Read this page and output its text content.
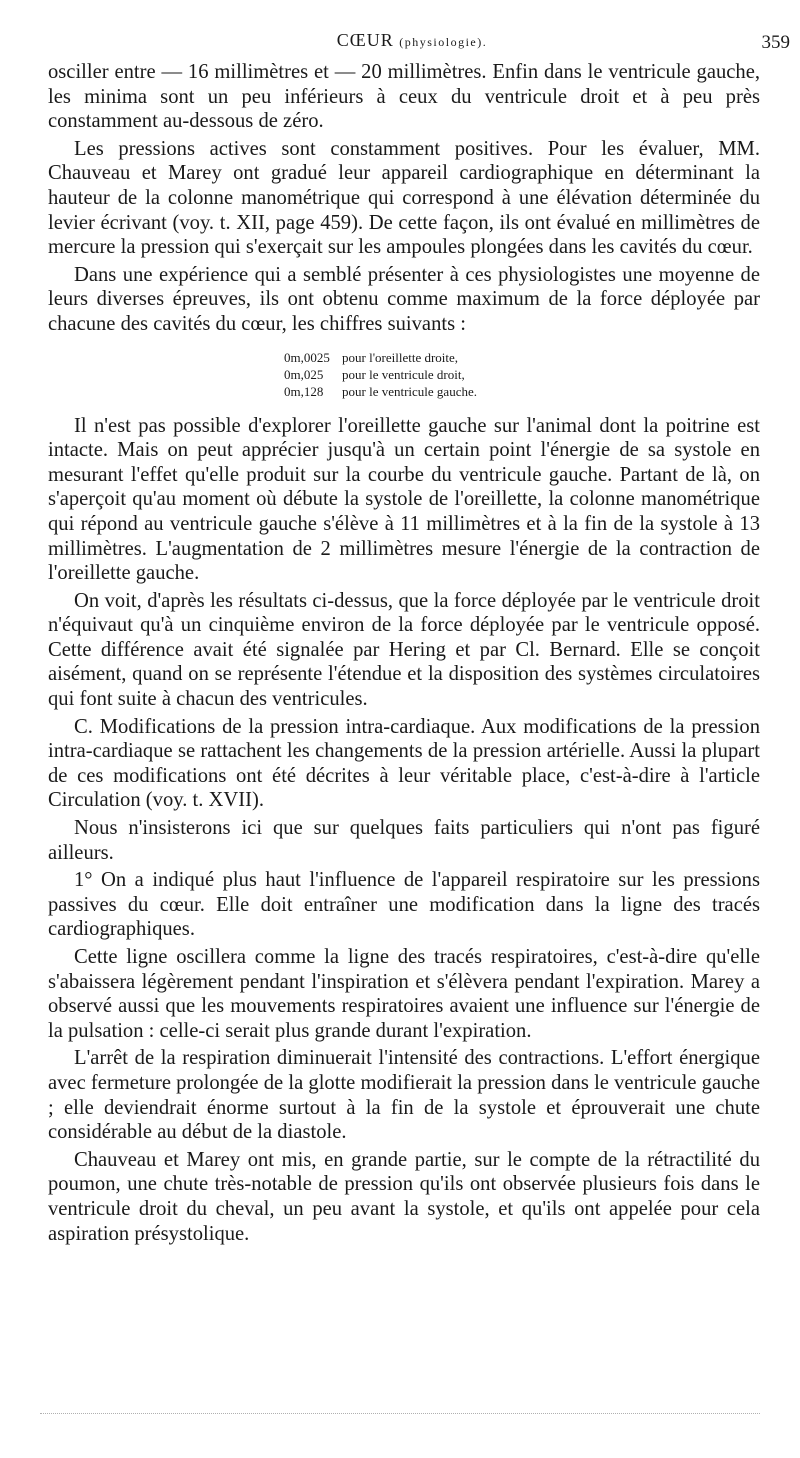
CŒUR (physiologie).	359

osciller entre — 16 millimètres et — 20 millimètres. Enfin dans le ventricule gauche, les minima sont un peu inférieurs à ceux du ventricule droit et à peu près constamment au-dessous de zéro.

Les pressions actives sont constamment positives. Pour les évaluer, MM. Chauveau et Marey ont gradué leur appareil cardiographique en déterminant la hauteur de la colonne manométrique qui correspond à une élévation déterminée du levier écrivant (voy. t. XII, page 459). De cette façon, ils ont évalué en millimètres de mercure la pression qui s'exerçait sur les ampoules plongées dans les cavités du cœur.

Dans une expérience qui a semblé présenter à ces physiologistes une moyenne de leurs diverses épreuves, ils ont obtenu comme maximum de la force déployée par chacune des cavités du cœur, les chiffres suivants :

0m,0025 pour l'oreillette droite,
0m,025	pour le ventricule droit,
0m,128	pour le ventricule gauche.

Il n'est pas possible d'explorer l'oreillette gauche sur l'animal dont la poitrine est intacte. Mais on peut apprécier jusqu'à un certain point l'énergie de sa systole en mesurant l'effet qu'elle produit sur la courbe du ventricule gauche. Partant de là, on s'aperçoit qu'au moment où débute la systole de l'oreillette, la colonne manométrique qui répond au ventricule gauche s'élève à 11 millimètres et à la fin de la systole à 13 millimètres. L'augmentation de 2 millimètres mesure l'énergie de la contraction de l'oreillette gauche.

On voit, d'après les résultats ci-dessus, que la force déployée par le ventricule droit n'équivaut qu'à un cinquième environ de la force déployée par le ventricule opposé. Cette différence avait été signalée par Hering et par Cl. Bernard. Elle se conçoit aisément, quand on se représente l'étendue et la disposition des systèmes circulatoires qui font suite à chacun des ventricules.

C. Modifications de la pression intra-cardiaque. Aux modifications de la pression intra-cardiaque se rattachent les changements de la pression artérielle. Aussi la plupart de ces modifications ont été décrites à leur véritable place, c'est-à-dire à l'article Circulation (voy. t. XVII).

Nous n'insisterons ici que sur quelques faits particuliers qui n'ont pas figuré ailleurs.

1° On a indiqué plus haut l'influence de l'appareil respiratoire sur les pressions passives du cœur. Elle doit entraîner une modification dans la ligne des tracés cardiographiques.

Cette ligne oscillera comme la ligne des tracés respiratoires, c'est-à-dire qu'elle s'abaissera légèrement pendant l'inspiration et s'élèvera pendant l'expiration. Marey a observé aussi que les mouvements respiratoires avaient une influence sur l'énergie de la pulsation : celle-ci serait plus grande durant l'expiration.

L'arrêt de la respiration diminuerait l'intensité des contractions. L'effort énergique avec fermeture prolongée de la glotte modifierait la pression dans le ventricule gauche ; elle deviendrait énorme surtout à la fin de la systole et éprouverait une chute considérable au début de la diastole.

Chauveau et Marey ont mis, en grande partie, sur le compte de la rétractilité du poumon, une chute très-notable de pression qu'ils ont observée plusieurs fois dans le ventricule droit du cheval, un peu avant la systole, et qu'ils ont appelée pour cela aspiration présystolique.
